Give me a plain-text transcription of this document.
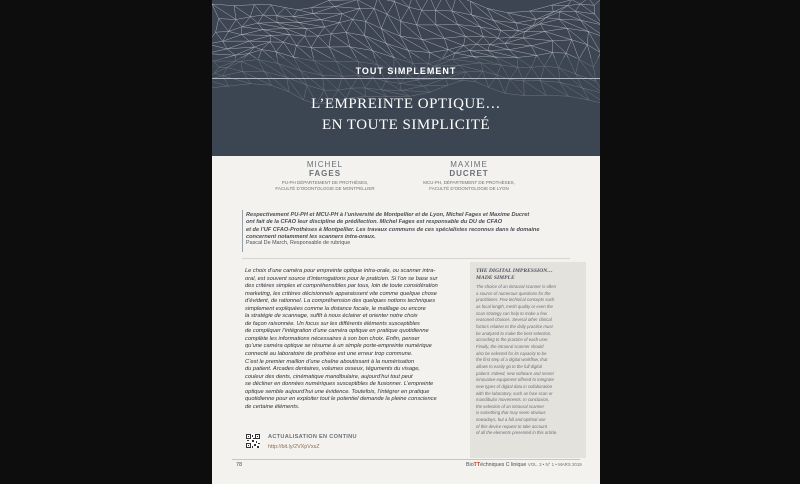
TOUT SIMPLEMENT
L’EMPREINTE OPTIQUE…
EN TOUTE SIMPLICITÉ
MICHEL
FAGES
PU-PH DÉPARTEMENT DE PROTHÈSES,
FACULTÉ D’ODONTOLOGIE DE MONTPELLIER
MAXIME
DUCRET
MCU-PH, DÉPARTEMENT DE PROTHÈSES,
FACULTÉ D’ODONTOLOGIE DE LYON
Respectivement PU-PH et MCU-PH à l’université de Montpellier et de Lyon, Michel Fages et Maxime Ducret
ont fait de la CFAO leur discipline de prédilection. Michel Fages est responsable du DU de CFAO
et de l’UF CFAO-Prothèses à Montpellier. Les travaux communs de ces spécialistes reconnus dans le domaine
concernent notamment les scanners intra-oraux.
Pascal De March, Responsable de rubrique
Le choix d’une caméra pour empreinte optique intra-orale, ou scanner intra-
oral, est souvent source d’interrogations pour le praticien. Si l’on se base sur
des critères simples et compréhensibles par tous, loin de toute considération
marketing, les critères décisionnels apparaissent vite comme quelque chose
d’évident, de rationnel. La compréhension des quelques notions techniques
simplement expliquées comme la distance focale, le maillage ou encore
la stratégie de scannage, suffit à nous éclairer et orienter notre choix
de façon raisonnée. Un focus sur les différents éléments susceptibles
de compliquer l’intégration d’une caméra optique en pratique quotidienne
complète les informations nécessaires à son bon choix. Enfin, penser
qu’une caméra optique se résume à un simple porte-empreinte numérique
connecté au laboratoire de prothèse est une erreur trop commune.
C’est le premier maillon d’une chaîne aboutissant à la numérisation
du patient. Arcades dentaires, volumes osseux, téguments du visage,
couleur des dents, cinématique mandibulaire, aujourd’hui tout peut
se décliner en données numériques susceptibles de fusionner. L’empreinte
optique semble aujourd’hui une évidence. Toutefois, l’intégrer en pratique
quotidienne pour en exploiter tout le potentiel demande la pleine conscience
de certaine éléments.
THE DIGITAL IMPRESSION…
MADE SIMPLE
The choice of an intraoral scanner is often
a source of numerous questions for the
practitioner. Few technical concepts such
as focal length, mesh quality or even the
scan strategy can help to make a few
reasoned choices. Several other clinical
factors relative to the daily practice must
be analyzed to make the best selection,
according to the practice of each user.
Finally, the intraoral scanner should
also be selected for its capacity to be
the first step of a digital workflow, that
allows to easily go to the full digital
patient. Indeed, new software and recent
innovative equipment offered to integrate
new types of digital data in collaboration
with the laboratory, such as face scan or
mandibular movements. In conclusion,
the selection of an intraoral scanner
is something that may seem obvious
nowadays, but a full and optimal use
of this device request to take account
of all the elements presented in this article.
ACTUALISATION EN CONTINU
http://bit.ly/2VXpVxsZ
78	BioTTéchniques C linique VOL. 3 • N° 1 • MARS 2019
